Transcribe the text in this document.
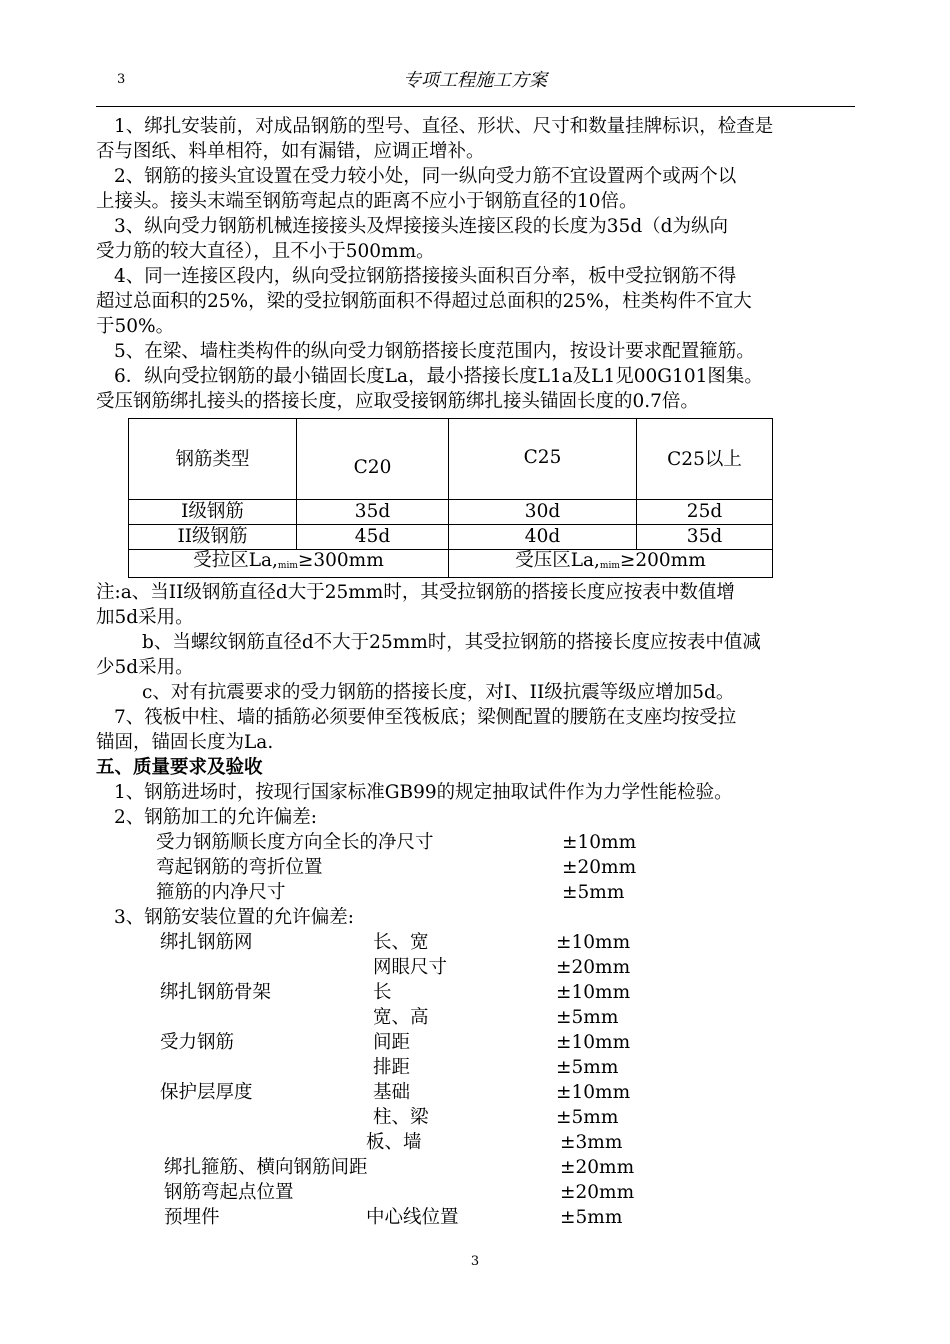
3	专项工程施工方案
1、绑扎安装前，对成品钢筋的型号、直径、形状、尺寸和数量挂牌标识，检查是
否与图纸、料单相符，如有漏错，应调正增补。
2、钢筋的接头宜设置在受力较小处，同一纵向受力筋不宜设置两个或两个以
上接头。接头末端至钢筋弯起点的距离不应小于钢筋直径的10倍。
3、纵向受力钢筋机械连接接头及焊接接头连接区段的长度为35d（d为纵向
受力筋的较大直径），且不小于500mm。
4、同一连接区段内，纵向受拉钢筋搭接接头面积百分率，板中受拉钢筋不得
超过总面积的25%，梁的受拉钢筋面积不得超过总面积的25%，柱类构件不宜大
于50%。
5、在梁、墙柱类构件的纵向受力钢筋搭接长度范围内，按设计要求配置箍筋。
6．纵向受拉钢筋的最小锚固长度La，最小搭接长度L1a及L1见00G101图集。
受压钢筋绑扎接头的搭接长度，应取受接钢筋绑扎接头锚固长度的0.7倍。
钢筋类型	C20	C25	C25以上
I级钢筋	35d	30d	25d
II级钢筋	45d	40d	35d
受拉区$La,_{mim}\ge 300mm$		受压区$La,_{mim}\ge 200mm$	
注:a、当II级钢筋直径d大于25mm时，其受拉钢筋的搭接长度应按表中数值增
加5d采用。
b、当螺纹钢筋直径d不大于25mm时，其受拉钢筋的搭接长度应按表中值减
少5d采用。
c、对有抗震要求的受力钢筋的搭接长度，对I、II级抗震等级应增加5d。
7、筏板中柱、墙的插筋必须要伸至筏板底；梁侧配置的腰筋在支座均按受拉
锚固，锚固长度为La.
五、质量要求及验收
1、钢筋进场时，按现行国家标准GB99的规定抽取试件作为力学性能检验。
2、钢筋加工的允许偏差:
受力钢筋顺长度方向全长的净尺寸	±10mm
弯起钢筋的弯折位置	±20mm
箍筋的内净尺寸	±5mm
3、钢筋安装位置的允许偏差:
绑扎钢筋网	长、宽	±10mm
网眼尺寸	±20mm
绑扎钢筋骨架	长	±10mm
宽、高	±5mm
受力钢筋	间距	±10mm
排距	±5mm
保护层厚度	基础	±10mm
柱、梁	±5mm
板、墙	±3mm
绑扎箍筋、横向钢筋间距	±20mm
钢筋弯起点位置	±20mm
预埋件	中心线位置	±5mm
3
